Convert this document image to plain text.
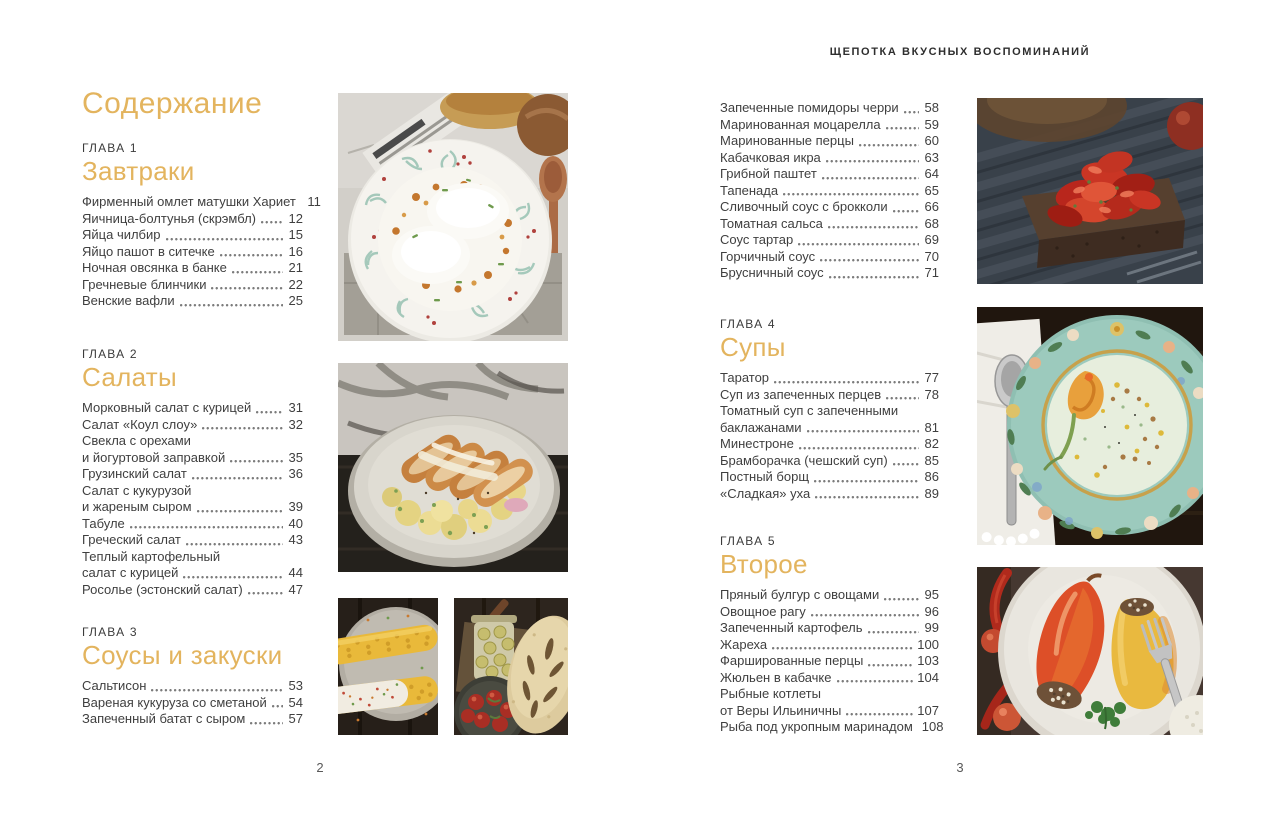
Содержание
ГЛАВА 1
Завтраки
Фирменный омлет матушки Хариет 11
Яичница-болтунья (скрэмбл)	12
Яйца чилбир	15
Яйцо пашот в ситечке	16
Ночная овсянка в банке	21
Гречневые блинчики	22
Венские вафли	25
ГЛАВА 2
Салаты
Морковный салат с курицей	31
Салат «Коул слоу»	32
Свекла с орехами
и йогуртовой заправкой	35
Грузинский салат	36
Салат с кукурузой
и жареным сыром	39
Табуле	40
Греческий салат	43
Теплый картофельный
салат с курицей	44
Росолье (эстонский салат)	47
ГЛАВА 3
Соусы и закуски
Сальтисон	53
Вареная кукуруза со сметаной 54
Запеченный батат с сыром	57
2
ЩЕПОТКА ВКУСНЫХ ВОСПОМИНАНИЙ
Запеченные помидоры черри 58
Маринованная моцарелла	59
Маринованные перцы	60
Кабачковая икра	63
Грибной паштет	64
Тапенада	65
Сливочный соус с брокколи	66
Томатная сальса	68
Соус тартар	69
Горчичный соус	70
Брусничный соус	71
ГЛАВА 4
Супы
Таратор	77
Суп из запеченных перцев	78
Томатный суп с запеченными
баклажанами	81
Минестроне	82
Брамборачка (чешский суп)	85
Постный борщ	86
«Сладкая» уха	89
ГЛАВА 5
Второе
Пряный булгур с овощами	95
Овощное рагу	96
Запеченный картофель	99
Жареха	100
Фаршированные перцы	103
Жюльен в кабачке	104
Рыбные котлеты
от Веры Ильиничны	107
Рыба под укропным маринадом 108
3
